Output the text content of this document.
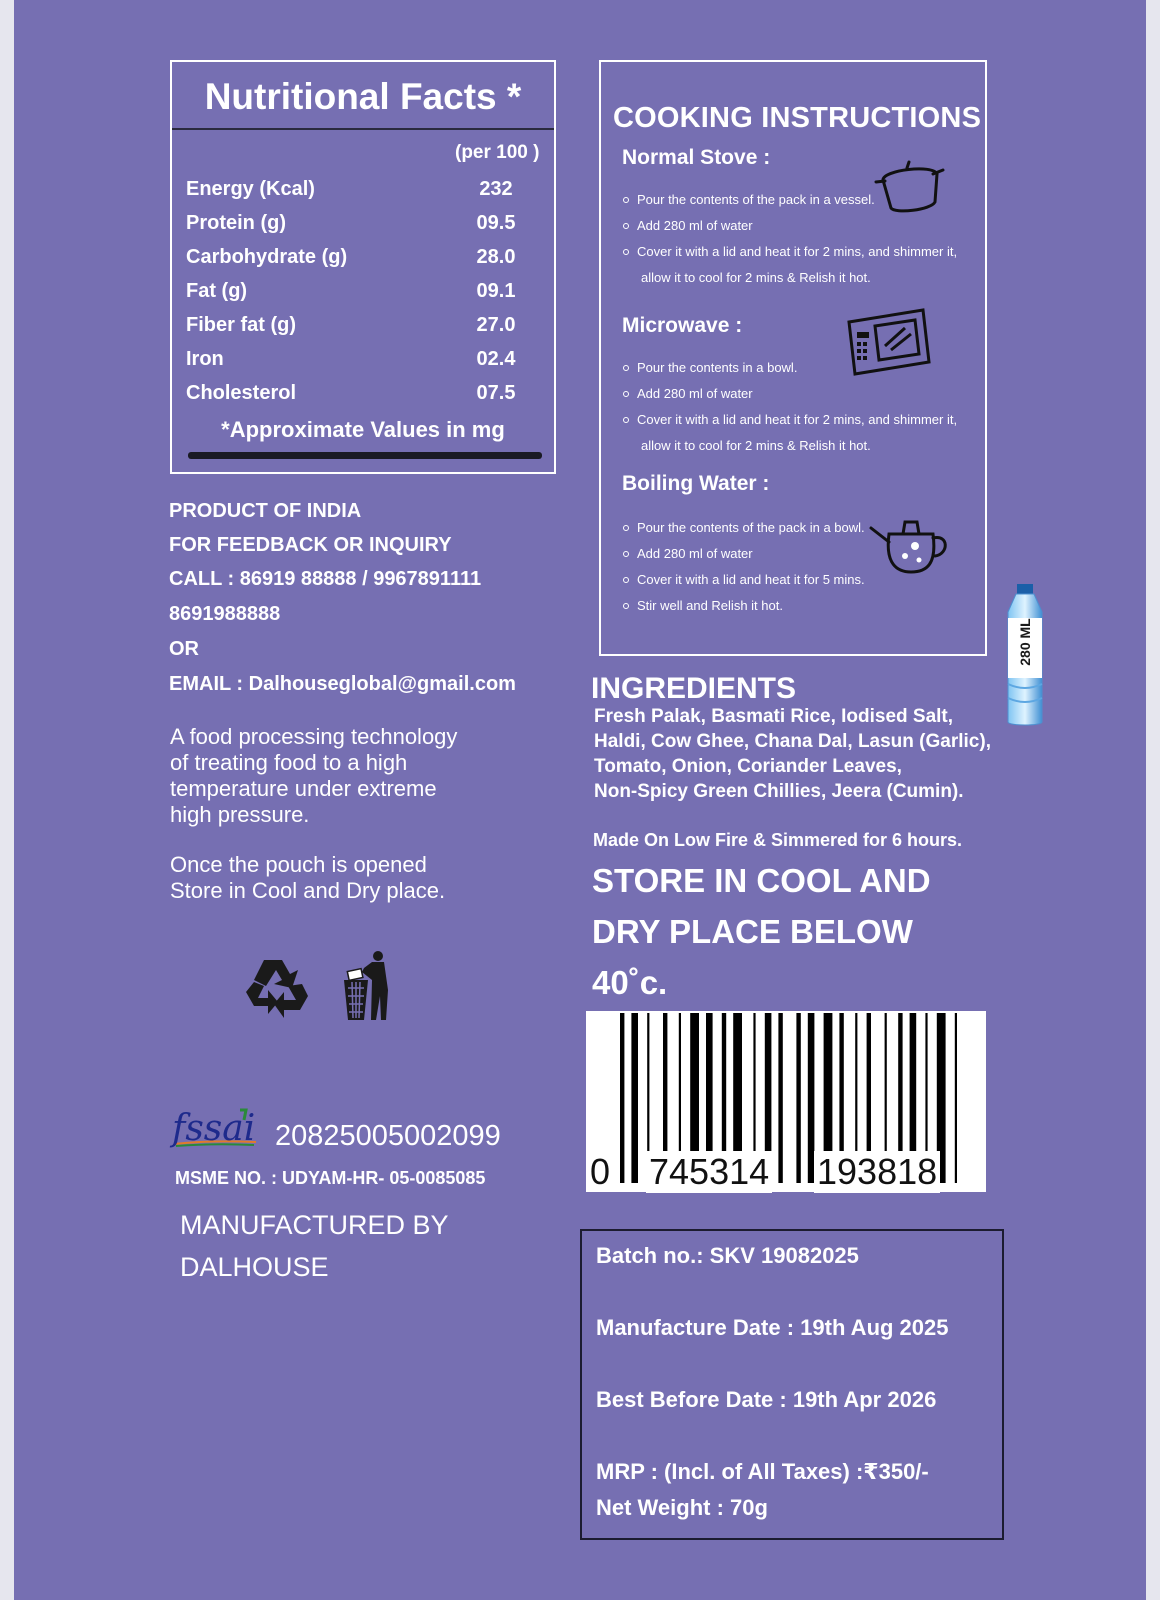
Nutritional Facts *
(per 100 )
Energy (Kcal)	232
Protein (g)	09.5
Carbohydrate (g)	28.0
Fat (g)	09.1
Fiber fat (g)	27.0
Iron	02.4
Cholesterol	07.5
*Approximate Values in mg
COOKING INSTRUCTIONS
Normal Stove :
Pour the contents of the pack in a vessel.
Add 280 ml of water
Cover it with a lid and heat it for 2 mins, and shimmer it,
allow it to cool for 2 mins & Relish it hot.
Microwave :
Pour the contents in a bowl.
Add 280 ml of water
Cover it with a lid and heat it for 2 mins, and shimmer it,
allow it to cool for 2 mins & Relish it hot.
Boiling Water :
Pour the contents of the pack in a bowl.
Add 280 ml of water
Cover it with a lid and heat it for 5 mins.
Stir well and Relish it hot.
280 ML
PRODUCT OF INDIA
FOR FEEDBACK OR INQUIRY
CALL : 86919 88888 / 9967891111
8691988888
OR
EMAIL : Dalhouseglobal@gmail.com
A food processing technology
of treating food to a high
temperature under extreme
high pressure.
Once the pouch is opened
Store in Cool and Dry place.
fssai 20825005002099
MSME NO. : UDYAM-HR- 05-0085085
MANUFACTURED BY
DALHOUSE
INGREDIENTS
Fresh Palak, Basmati Rice, Iodised Salt,
Haldi, Cow Ghee, Chana Dal, Lasun (Garlic),
Tomato, Onion, Coriander Leaves,
Non-Spicy Green Chillies, Jeera (Cumin).
Made On Low Fire & Simmered for 6 hours.
STORE IN COOL AND
DRY PLACE BELOW
40˚c.
0 745314 193818
Batch no.: SKV 19082025
Manufacture Date : 19th Aug 2025
Best Before Date : 19th Apr 2026
MRP : (Incl. of All Taxes) :₹350/-
Net Weight : 70g
